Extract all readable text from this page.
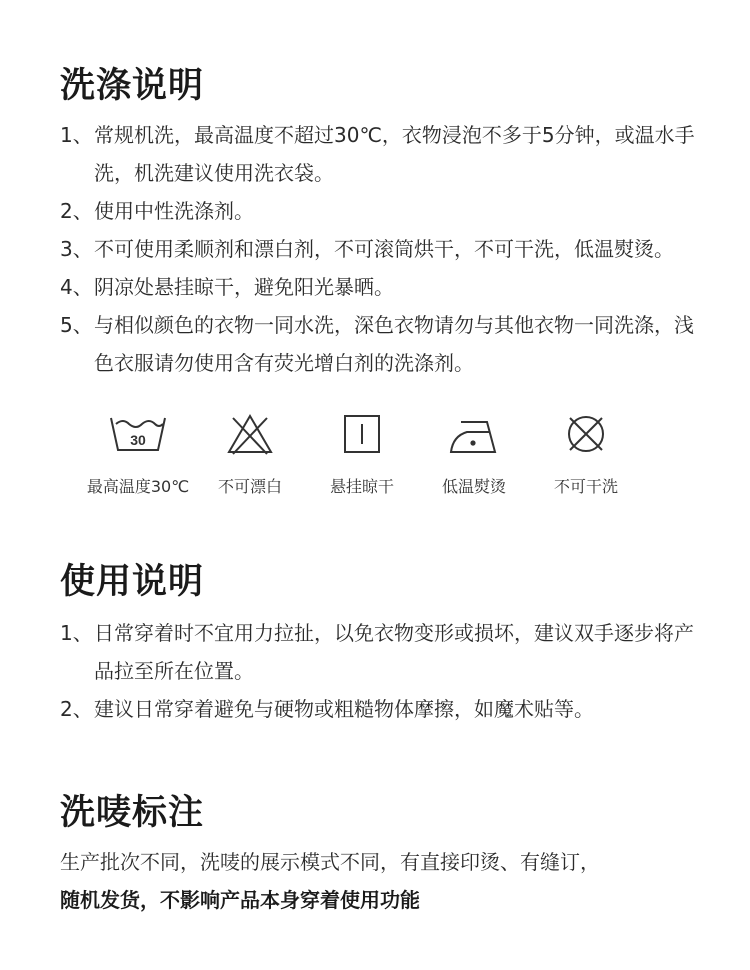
洗涤说明
1、 常规机洗，最高温度不超过30℃，衣物浸泡不多于5分钟，或温水手洗，机洗建议使用洗衣袋。
2、 使用中性洗涤剂。
3、 不可使用柔顺剂和漂白剂，不可滚筒烘干，不可干洗，低温熨烫。
4、 阴凉处悬挂晾干，避免阳光暴晒。
5、 与相似颜色的衣物一同水洗，深色衣物请勿与其他衣物一同洗涤，浅色衣服请勿使用含有荧光增白剂的洗涤剂。
30
最高温度30℃ 不可漂白	悬挂晾干	低温熨烫	不可干洗
使用说明
1、 日常穿着时不宜用力拉扯，以免衣物变形或损坏，建议双手逐步将产品拉至所在位置。
2、 建议日常穿着避免与硬物或粗糙物体摩擦，如魔术贴等。
洗唛标注
生产批次不同，洗唛的展示模式不同，有直接印烫、有缝订，
随机发货，不影响产品本身穿着使用功能
